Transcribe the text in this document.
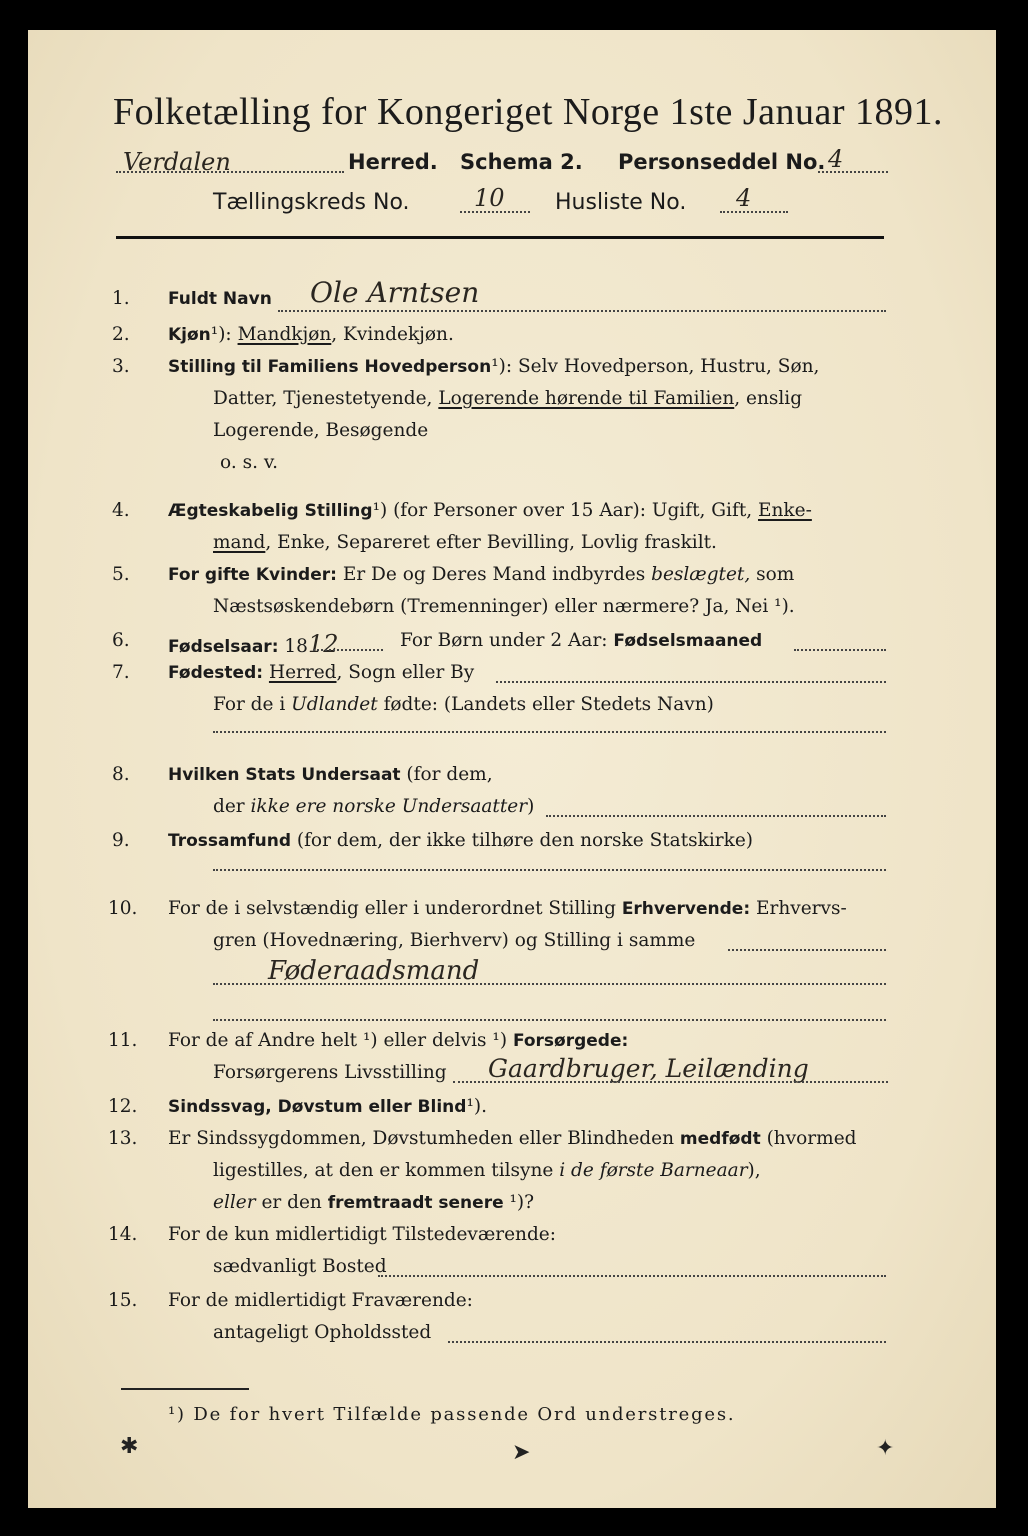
Folketælling for Kongeriget Norge 1ste Januar 1891.
Verdalen	Herred. Schema 2. Personseddel No. 4
Tællingskreds No.	10 Husliste No. 4
1. Fuldt Navn Ole Arntsen
2. Kjøn¹): Mandkjøn, Kvindekjøn.
3. Stilling til Familiens Hovedperson¹): Selv Hovedperson, Hustru, Søn,
Datter, Tjenestetyende, Logerende hørende til Familien, enslig
Logerende, Besøgende
o. s. v.
4. Ægteskabelig Stilling¹) (for Personer over 15 Aar): Ugift, Gift, Enke-
mand, Enke, Separeret efter Bevilling, Lovlig fraskilt.
5. For gifte Kvinder: Er De og Deres Mand indbyrdes beslægtet, som
Næstsøskendebørn (Tremenninger) eller nærmere? Ja, Nei ¹).
6. Fødselsaar: 1812	For Børn under 2 Aar: Fødselsmaaned
7. Fødested: Herred, Sogn eller By
For de i Udlandet fødte: (Landets eller Stedets Navn)
8. Hvilken Stats Undersaat (for dem,
der ikke ere norske Undersaatter)
9. Trossamfund (for dem, der ikke tilhøre den norske Statskirke)
10. For de i selvstændig eller i underordnet Stilling Erhvervende: Erhvervs-
gren (Hovednæring, Bierhverv) og Stilling i samme
Føderaadsmand
11. For de af Andre helt ¹) eller delvis ¹) Forsørgede:
Forsørgerens Livsstilling Gaardbruger, Leilænding
12. Sindssvag, Døvstum eller Blind¹).
13. Er Sindssygdommen, Døvstumheden eller Blindheden medfødt (hvormed
ligestilles, at den er kommen tilsyne i de første Barneaar),
eller er den fremtraadt senere ¹)?
14. For de kun midlertidigt Tilstedeværende:
sædvanligt Bosted
15. For de midlertidigt Fraværende:
antageligt Opholdssted
¹) De for hvert Tilfælde passende Ord understreges.
✱	➤	✦
